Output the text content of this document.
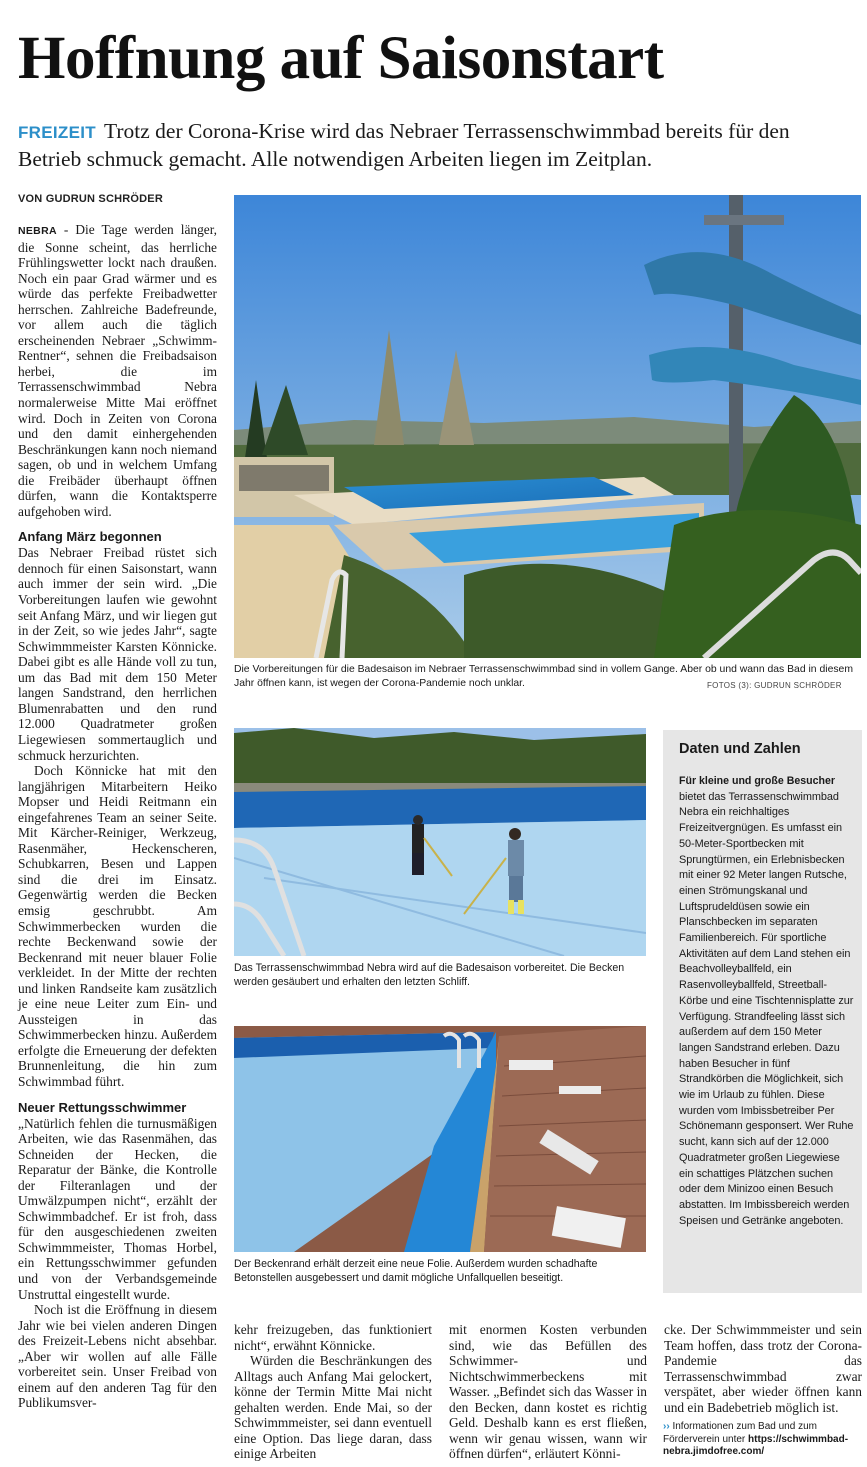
Hoffnung auf Saisonstart
FREIZEIT Trotz der Corona-Krise wird das Nebraer Terrassenschwimmbad bereits für den Betrieb schmuck gemacht. Alle notwendigen Arbeiten liegen im Zeitplan.
VON GUDRUN SCHRÖDER

NEBRA - Die Tage werden länger, die Sonne scheint, das herrliche Frühlingswetter lockt nach draußen. Noch ein paar Grad wärmer und es würde das perfekte Freibadwetter herrschen. Zahlreiche Badefreunde, vor allem auch die täglich erscheinenden Nebraer „Schwimm-Rentner“, sehnen die Freibadsaison herbei, die im Terrassenschwimmbad Nebra normalerweise Mitte Mai eröffnet wird. Doch in Zeiten von Corona und den damit einhergehenden Beschränkungen kann noch niemand sagen, ob und in welchem Umfang die Freibäder überhaupt öffnen dürfen, wann die Kontaktsperre aufgehoben wird.

Anfang März begonnen

Das Nebraer Freibad rüstet sich dennoch für einen Saisonstart, wann auch immer der sein wird. „Die Vorbereitungen laufen wie gewohnt seit Anfang März, und wir liegen gut in der Zeit, so wie jedes Jahr“, sagte Schwimmmeister Karsten Könnicke. Dabei gibt es alle Hände voll zu tun, um das Bad mit dem 150 Meter langen Sandstrand, den herrlichen Blumenrabatten und den rund 12.000 Quadratmeter großen Liegewiesen sommertauglich und schmuck herzurichten.

Doch Könnicke hat mit den langjährigen Mitarbeitern Heiko Mopser und Heidi Reitmann ein eingefahrenes Team an seiner Seite. Mit Kärcher-Reiniger, Werkzeug, Rasenmäher, Heckenscheren, Schubkarren, Besen und Lappen sind die drei im Einsatz. Gegenwärtig werden die Becken emsig geschrubbt. Am Schwimmerbecken wurden die rechte Beckenwand sowie der Beckenrand mit neuer blauer Folie verkleidet. In der Mitte der rechten und linken Randseite kam zusätzlich je eine neue Leiter zum Ein- und Aussteigen in das Schwimmerbecken hinzu. Außerdem erfolgte die Erneuerung der defekten Brunnenleitung, die hin zum Schwimmbad führt.

Neuer Rettungsschwimmer

„Natürlich fehlen die turnusmäßigen Arbeiten, wie das Rasenmähen, das Schneiden der Hecken, die Reparatur der Bänke, die Kontrolle der Filteranlagen und der Umwälzpumpen nicht“, erzählt der Schwimmbadchef. Er ist froh, dass für den ausgeschiedenen zweiten Schwimmmeister, Thomas Horbel, ein Rettungsschwimmer gefunden und von der Verbandsgemeinde Unstruttal eingestellt wurde.

Noch ist die Eröffnung in diesem Jahr wie bei vielen anderen Dingen des Freizeit-Lebens nicht absehbar. „Aber wir wollen auf alle Fälle vorbereitet sein. Unser Freibad von einem auf den anderen Tag für den Publikumsver-

Die Vorbereitungen für die Badesaison im Nebraer Terrassenschwimmbad sind in vollem Gange. Aber ob und wann das Bad in diesem Jahr öffnen kann, ist wegen der Corona-Pandemie noch unklar.	FOTOS (3): GUDRUN SCHRÖDER
Das Terrassenschwimmbad Nebra wird auf die Badesaison vorbereitet. Die Becken werden gesäubert und erhalten den letzten Schliff.
Der Beckenrand erhält derzeit eine neue Folie. Außerdem wurden schadhafte Betonstellen ausgebessert und damit mögliche Unfallquellen beseitigt.

kehr freizugeben, das funktioniert nicht“, erwähnt Könnicke.

Würden die Beschränkungen des Alltags auch Anfang Mai gelockert, könne der Termin Mitte Mai nicht gehalten werden. Ende Mai, so der Schwimmmeister, sei dann eventuell eine Option. Das liege daran, dass einige Arbeiten

mit enormen Kosten verbunden sind, wie das Befüllen des Schwimmer- und Nichtschwimmerbeckens mit Wasser. „Befindet sich das Wasser in den Becken, dann kostet es richtig Geld. Deshalb kann es erst fließen, wenn wir genau wissen, wann wir öffnen dürfen“, erläutert Könni-

cke. Der Schwimmmeister und sein Team hoffen, dass trotz der Corona-Pandemie das Terrassenschwimmbad zwar verspätet, aber wieder öffnen kann und ein Badebetrieb möglich ist.

Daten und Zahlen
Für kleine und große Besucher
bietet das Terrassenschwimmbad Nebra ein reichhaltiges Freizeitvergnügen. Es umfasst ein 50-Meter-Sportbecken mit Sprungtürmen, ein Erlebnisbecken mit einer 92 Meter langen Rutsche, einen Strömungskanal und Luftsprudeldüsen sowie ein Planschbecken im separaten Familienbereich. Für sportliche Aktivitäten auf dem Land stehen ein Beachvolleyballfeld, ein Rasenvolleyballfeld, Streetball-Körbe und eine Tischtennisplatte zur Verfügung. Strandfeeling lässt sich außerdem auf dem 150 Meter langen Sandstrand erleben. Dazu haben Besucher in fünf Strandkörben die Möglichkeit, sich wie im Urlaub zu fühlen. Diese wurden vom Imbissbetreiber Per Schönemann gesponsert. Wer Ruhe sucht, kann sich auf der 12.000 Quadratmeter großen Liegewiese ein schattiges Plätzchen suchen oder dem Minizoo einen Besuch abstatten. Im Imbissbereich werden Speisen und Getränke angeboten.
›› Informationen zum Bad und zum Förderverein unter https://schwimmbad-nebra.jimdofree.com/
